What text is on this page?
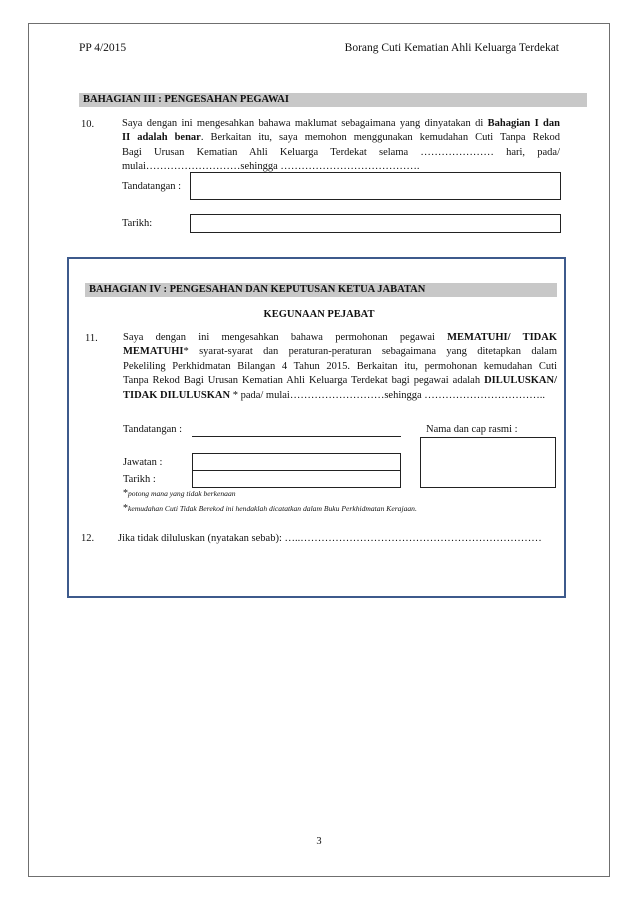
PP 4/2015	Borang Cuti Kematian Ahli Keluarga Terdekat
BAHAGIAN III : PENGESAHAN PEGAWAI
10.	Saya dengan ini mengesahkan bahawa maklumat sebagaimana yang dinyatakan di Bahagian I dan
II adalah benar. Berkaitan itu, saya memohon menggunakan kemudahan Cuti Tanpa Rekod
Bagi Urusan Kematian Ahli Keluarga Terdekat selama ………………… hari, pada/
mulai………………………sehingga ………………………………….
Tandatangan :
Tarikh:
BAHAGIAN IV : PENGESAHAN DAN KEPUTUSAN KETUA JABATAN
KEGUNAAN PEJABAT
11. Saya dengan ini mengesahkan bahawa permohonan pegawai MEMATUHI/ TIDAK
MEMATUHI* syarat-syarat dan peraturan-peraturan sebagaimana yang ditetapkan dalam
Pekeliling Perkhidmatan Bilangan 4 Tahun 2015. Berkaitan itu, permohonan kemudahan Cuti
Tanpa Rekod Bagi Urusan Kematian Ahli Keluarga Terdekat bagi pegawai adalah DILULUSKAN/
TIDAK DILULUSKAN * pada/ mulai………………………sehingga ……………………………..
Tandatangan :	Nama dan cap rasmi :
Jawatan :
Tarikh :
*potong mana yang tidak berkenaan
*kemudahan Cuti Tidak Berekod ini hendaklah dicatatkan dalam Buku Perkhidmatan Kerajaan.
12. Jika tidak diluluskan (nyatakan sebab): …..……………………………………………………………
3
